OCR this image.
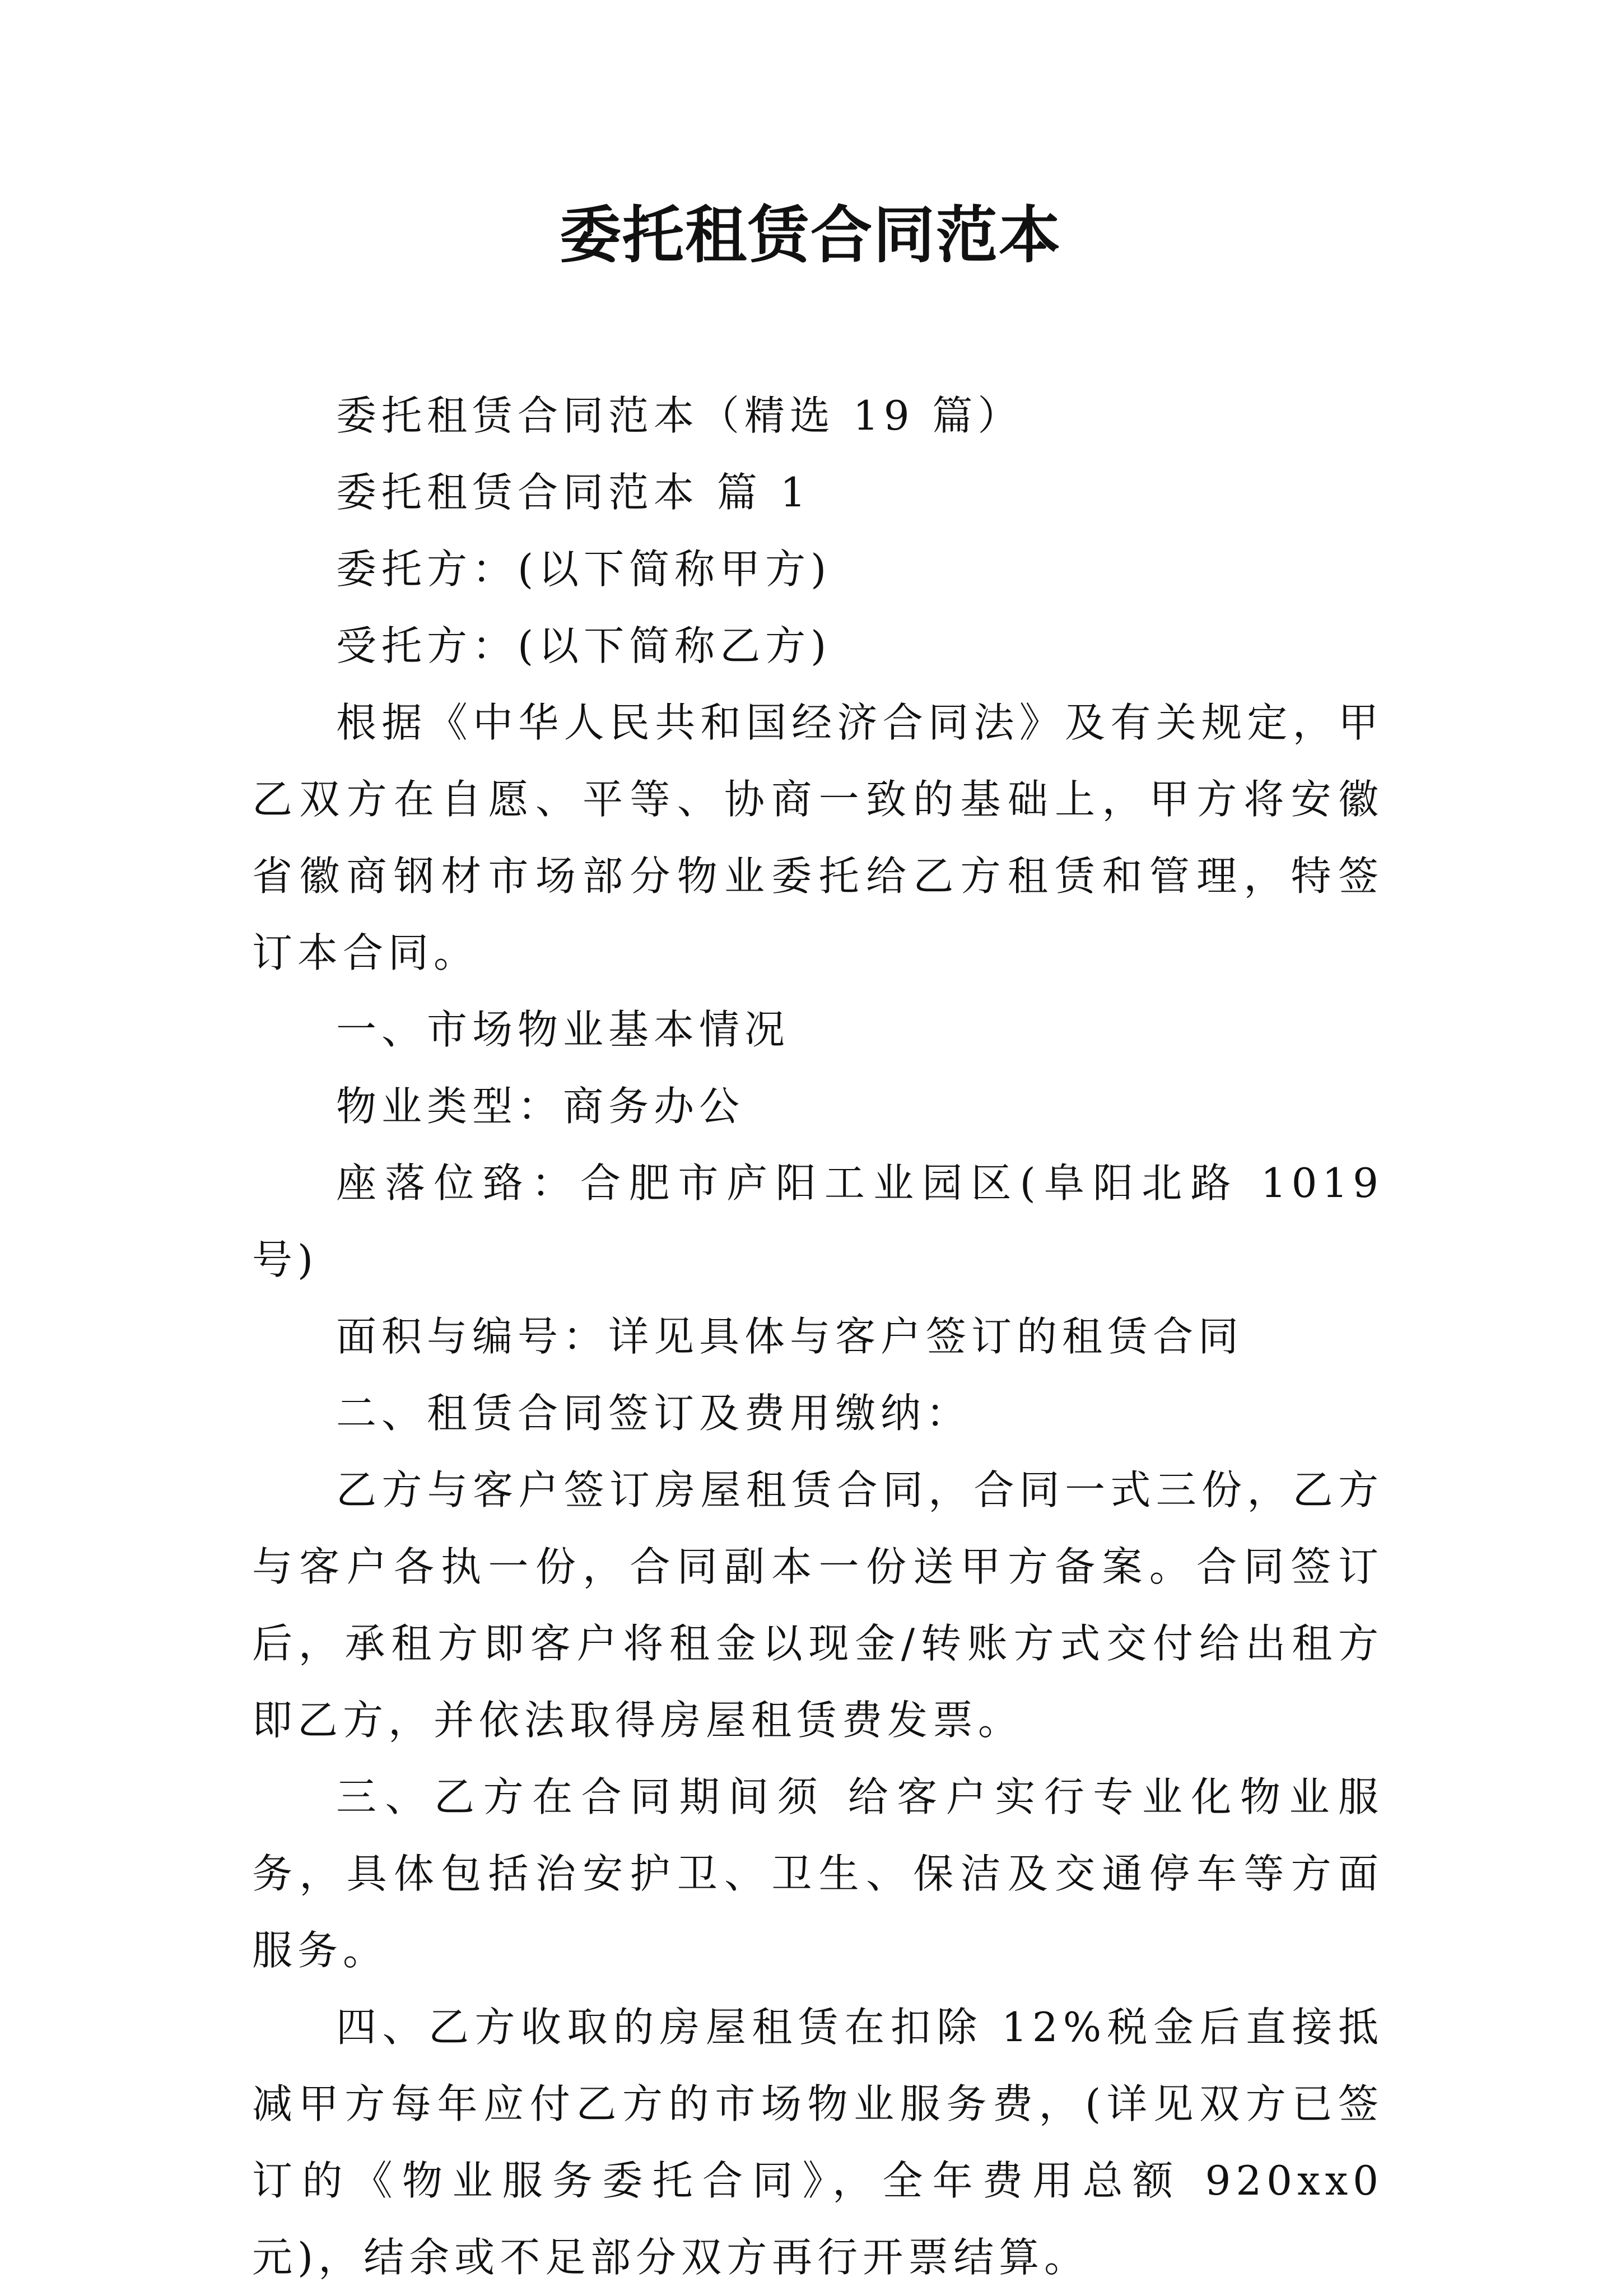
委托租赁合同范本

委托租赁合同范本（精选 19 篇）

委托租赁合同范本 篇 1

委托方：(以下简称甲方)

受托方：(以下简称乙方)

根据《中华人民共和国经济合同法》及有关规定，甲乙双方在自愿、平等、协商一致的基础上，甲方将安徽省徽商钢材市场部分物业委托给乙方租赁和管理，特签订本合同。

一、市场物业基本情况

物业类型：商务办公

座落位臵：合肥市庐阳工业园区(阜阳北路 1019 号)

面积与编号：详见具体与客户签订的租赁合同

二、租赁合同签订及费用缴纳：

乙方与客户签订房屋租赁合同，合同一式三份，乙方与客户各执一份，合同副本一份送甲方备案。合同签订后，承租方即客户将租金以现金/转账方式交付给出租方即乙方，并依法取得房屋租赁费发票。

三、乙方在合同期间须 给客户实行专业化物业服务，具体包括治安护卫、卫生、保洁及交通停车等方面服务。

四、乙方收取的房屋租赁在扣除 12%税金后直接抵减甲方每年应付乙方的市场物业服务费，(详见双方已签订的《物业服务委托合同》，全年费用总额 920xx0 元)，结余或不足部分双方再行开票结算。
